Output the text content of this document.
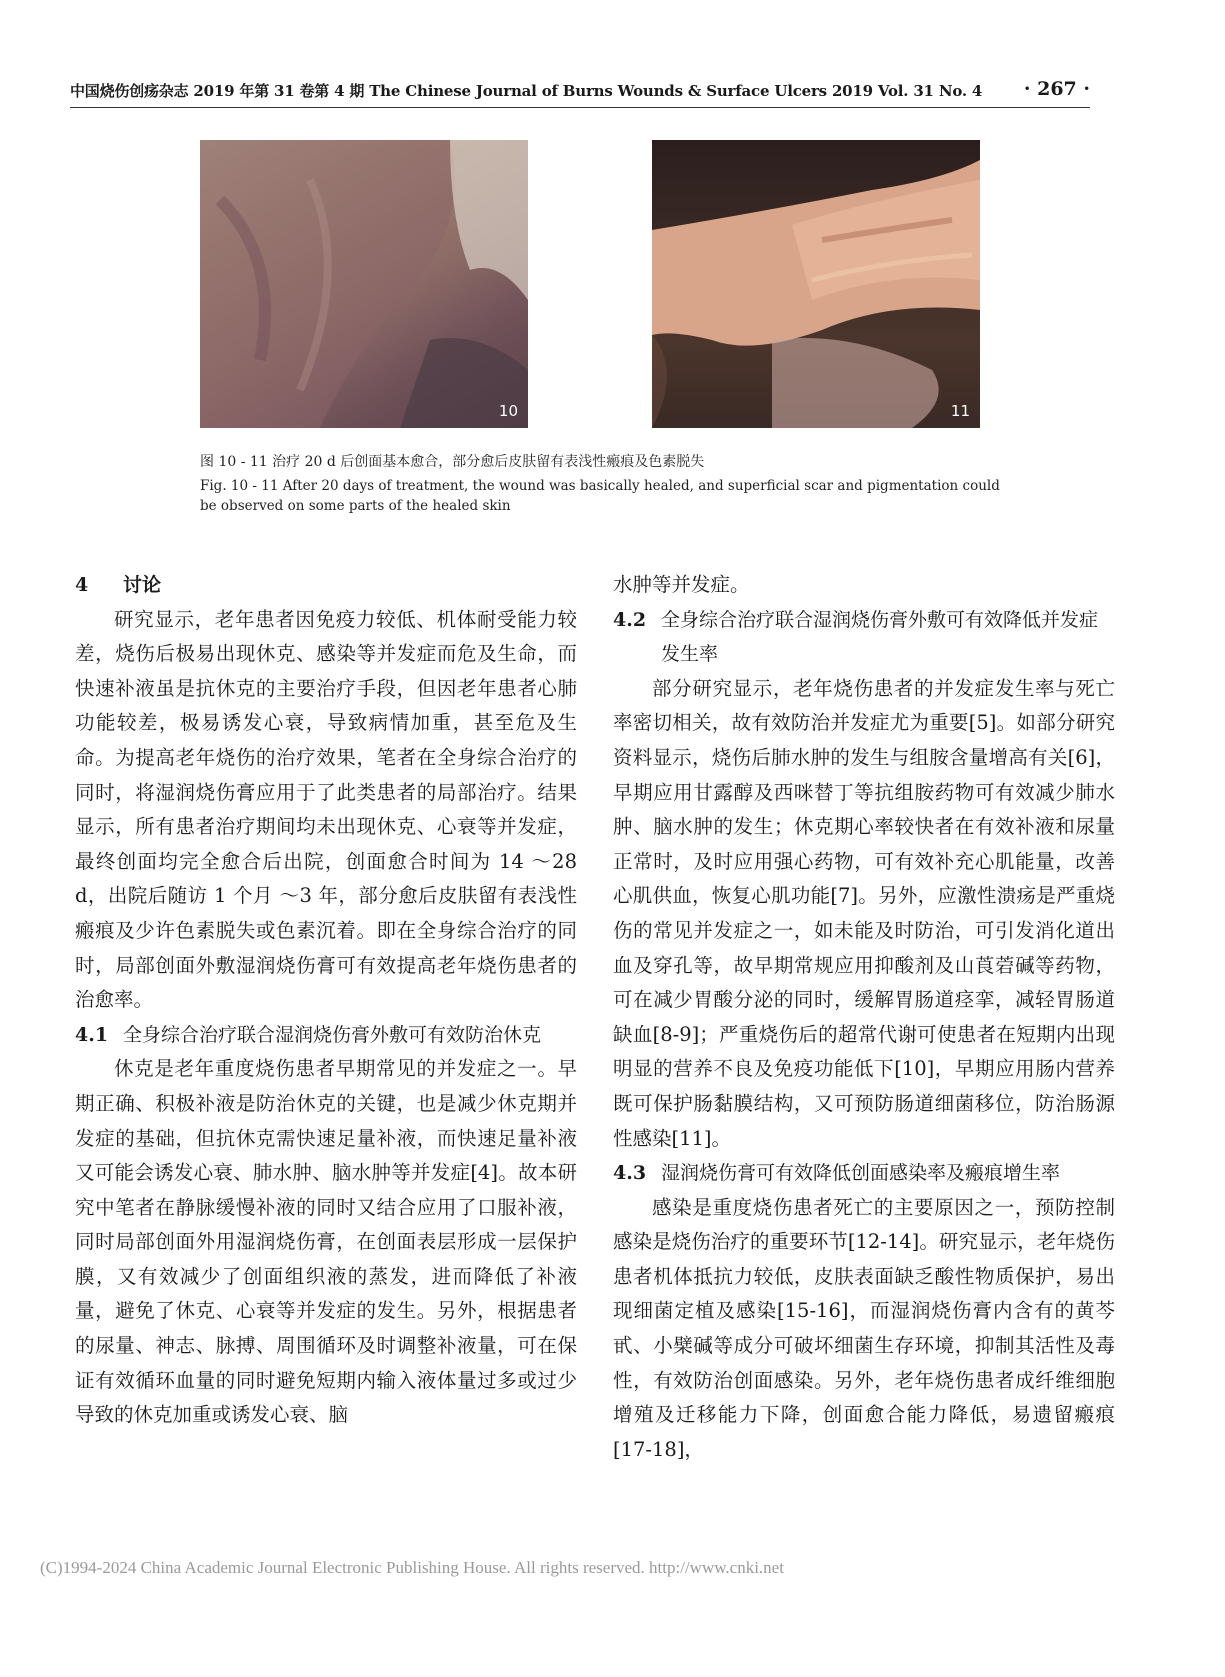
中国烧伤创疡杂志 2019 年第 31 卷第 4 期 The Chinese Journal of Burns Wounds & Surface Ulcers 2019 Vol. 31 No. 4 · 267 ·
10	11
图 10 - 11 治疗 20 d 后创面基本愈合，部分愈后皮肤留有表浅性瘢痕及色素脱失
Fig. 10 - 11 After 20 days of treatment, the wound was basically healed, and superficial scar and pigmentation could be observed on some parts of the healed skin

4	讨论

研究显示，老年患者因免疫力较低、机体耐受能力较差，烧伤后极易出现休克、感染等并发症而危及生命，而快速补液虽是抗休克的主要治疗手段，但因老年患者心肺功能较差，极易诱发心衰，导致病情加重，甚至危及生命。为提高老年烧伤的治疗效果，笔者在全身综合治疗的同时，将湿润烧伤膏应用于了此类患者的局部治疗。结果显示，所有患者治疗期间均未出现休克、心衰等并发症，最终创面均完全愈合后出院，创面愈合时间为 14 ～28 d，出院后随访 1 个月 ～3 年，部分愈后皮肤留有表浅性瘢痕及少许色素脱失或色素沉着。即在全身综合治疗的同时，局部创面外敷湿润烧伤膏可有效提高老年烧伤患者的治愈率。

4.1 全身综合治疗联合湿润烧伤膏外敷可有效防治休克

休克是老年重度烧伤患者早期常见的并发症之一。早期正确、积极补液是防治休克的关键，也是减少休克期并发症的基础，但抗休克需快速足量补液，而快速足量补液又可能会诱发心衰、肺水肿、脑水肿等并发症[4]。故本研究中笔者在静脉缓慢补液的同时又结合应用了口服补液，同时局部创面外用湿润烧伤膏，在创面表层形成一层保护膜，又有效减少了创面组织液的蒸发，进而降低了补液量，避免了休克、心衰等并发症的发生。另外，根据患者的尿量、神志、脉搏、周围循环及时调整补液量，可在保证有效循环血量的同时避免短期内输入液体量过多或过少导致的休克加重或诱发心衰、脑

水肿等并发症。

4.2 全身综合治疗联合湿润烧伤膏外敷可有效降低并发症发生率

部分研究显示，老年烧伤患者的并发症发生率与死亡率密切相关，故有效防治并发症尤为重要[5]。如部分研究资料显示，烧伤后肺水肿的发生与组胺含量增高有关[6]，早期应用甘露醇及西咪替丁等抗组胺药物可有效减少肺水肿、脑水肿的发生；休克期心率较快者在有效补液和尿量正常时，及时应用强心药物，可有效补充心肌能量，改善心肌供血，恢复心肌功能[7]。另外，应激性溃疡是严重烧伤的常见并发症之一，如未能及时防治，可引发消化道出血及穿孔等，故早期常规应用抑酸剂及山莨菪碱等药物，可在减少胃酸分泌的同时，缓解胃肠道痉挛，减轻胃肠道缺血[8-9]；严重烧伤后的超常代谢可使患者在短期内出现明显的营养不良及免疫功能低下[10]，早期应用肠内营养既可保护肠黏膜结构，又可预防肠道细菌移位，防治肠源性感染[11]。

4.3 湿润烧伤膏可有效降低创面感染率及瘢痕增生率

感染是重度烧伤患者死亡的主要原因之一，预防控制感染是烧伤治疗的重要环节[12-14]。研究显示，老年烧伤患者机体抵抗力较低，皮肤表面缺乏酸性物质保护，易出现细菌定植及感染[15-16]，而湿润烧伤膏内含有的黄芩甙、小檗碱等成分可破坏细菌生存环境，抑制其活性及毒性，有效防治创面感染。另外，老年烧伤患者成纤维细胞增殖及迁移能力下降，创面愈合能力降低，易遗留瘢痕[17-18]，

(C)1994-2024 China Academic Journal Electronic Publishing House. All rights reserved. http://www.cnki.net
